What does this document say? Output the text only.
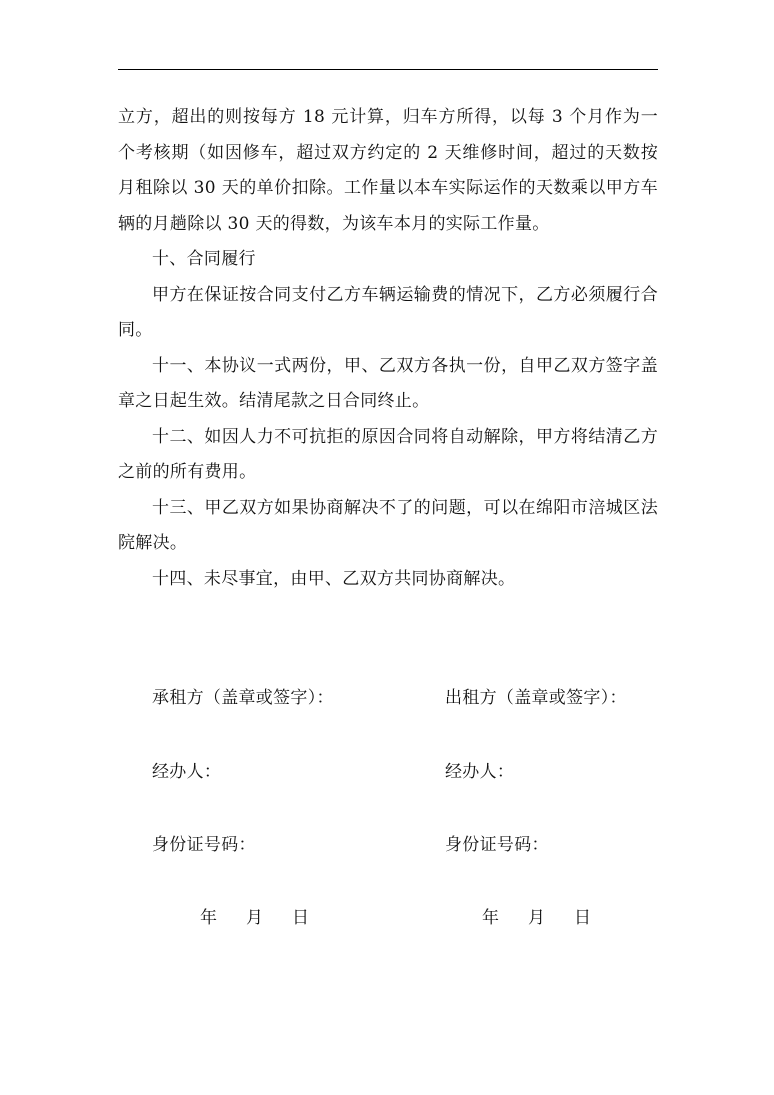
立方，超出的则按每方 18 元计算，归车方所得，以每 3 个月作为一个考核期（如因修车，超过双方约定的 2 天维修时间，超过的天数按月租除以 30 天的单价扣除。工作量以本车实际运作的天数乘以甲方车辆的月趟除以 30 天的得数，为该车本月的实际工作量。

十、合同履行

甲方在保证按合同支付乙方车辆运输费的情况下，乙方必须履行合同。

十一、本协议一式两份，甲、乙双方各执一份，自甲乙双方签字盖章之日起生效。结清尾款之日合同终止。

十二、如因人力不可抗拒的原因合同将自动解除，甲方将结清乙方之前的所有费用。

十三、甲乙双方如果协商解决不了的问题，可以在绵阳市涪城区法院解决。

十四、未尽事宜，由甲、乙双方共同协商解决。

承租方（盖章或签字）：	出租方（盖章或签字）：
经办人：	经办人：
身份证号码：	身份证号码：
年 月 日	年 月 日
